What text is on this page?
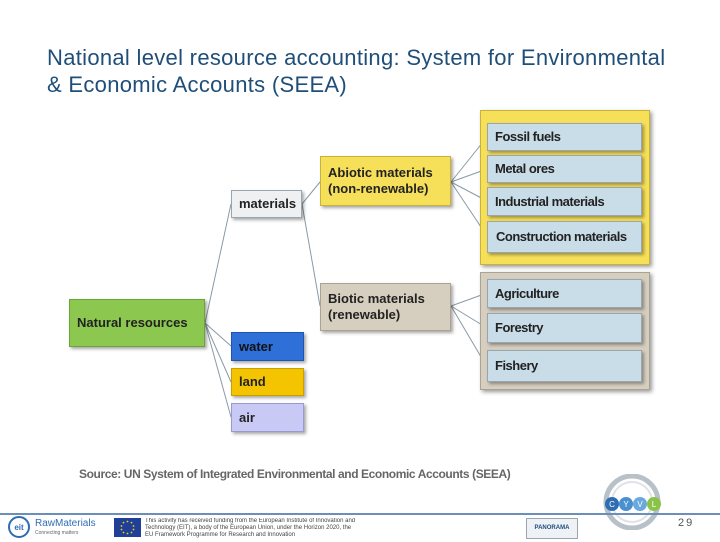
National level resource accounting: System for Environmental & Economic Accounts (SEEA)
Natural resources
materials
water
land
air
Abiotic materials (non-renewable)
Biotic materials (renewable)
Fossil fuels
Metal ores
Industrial materials
Construction materials
Agriculture
Forestry
Fishery
Source: UN System of Integrated Environmental and Economic Accounts (SEEA)
C Y V L
29
eit RawMaterials
Connecting matters
This activity has received funding from the European Institute of Innovation and Technology (EIT), a body of the European Union, under the Horizon 2020, the EU Framework Programme for Research and Innovation
PANORAMA
